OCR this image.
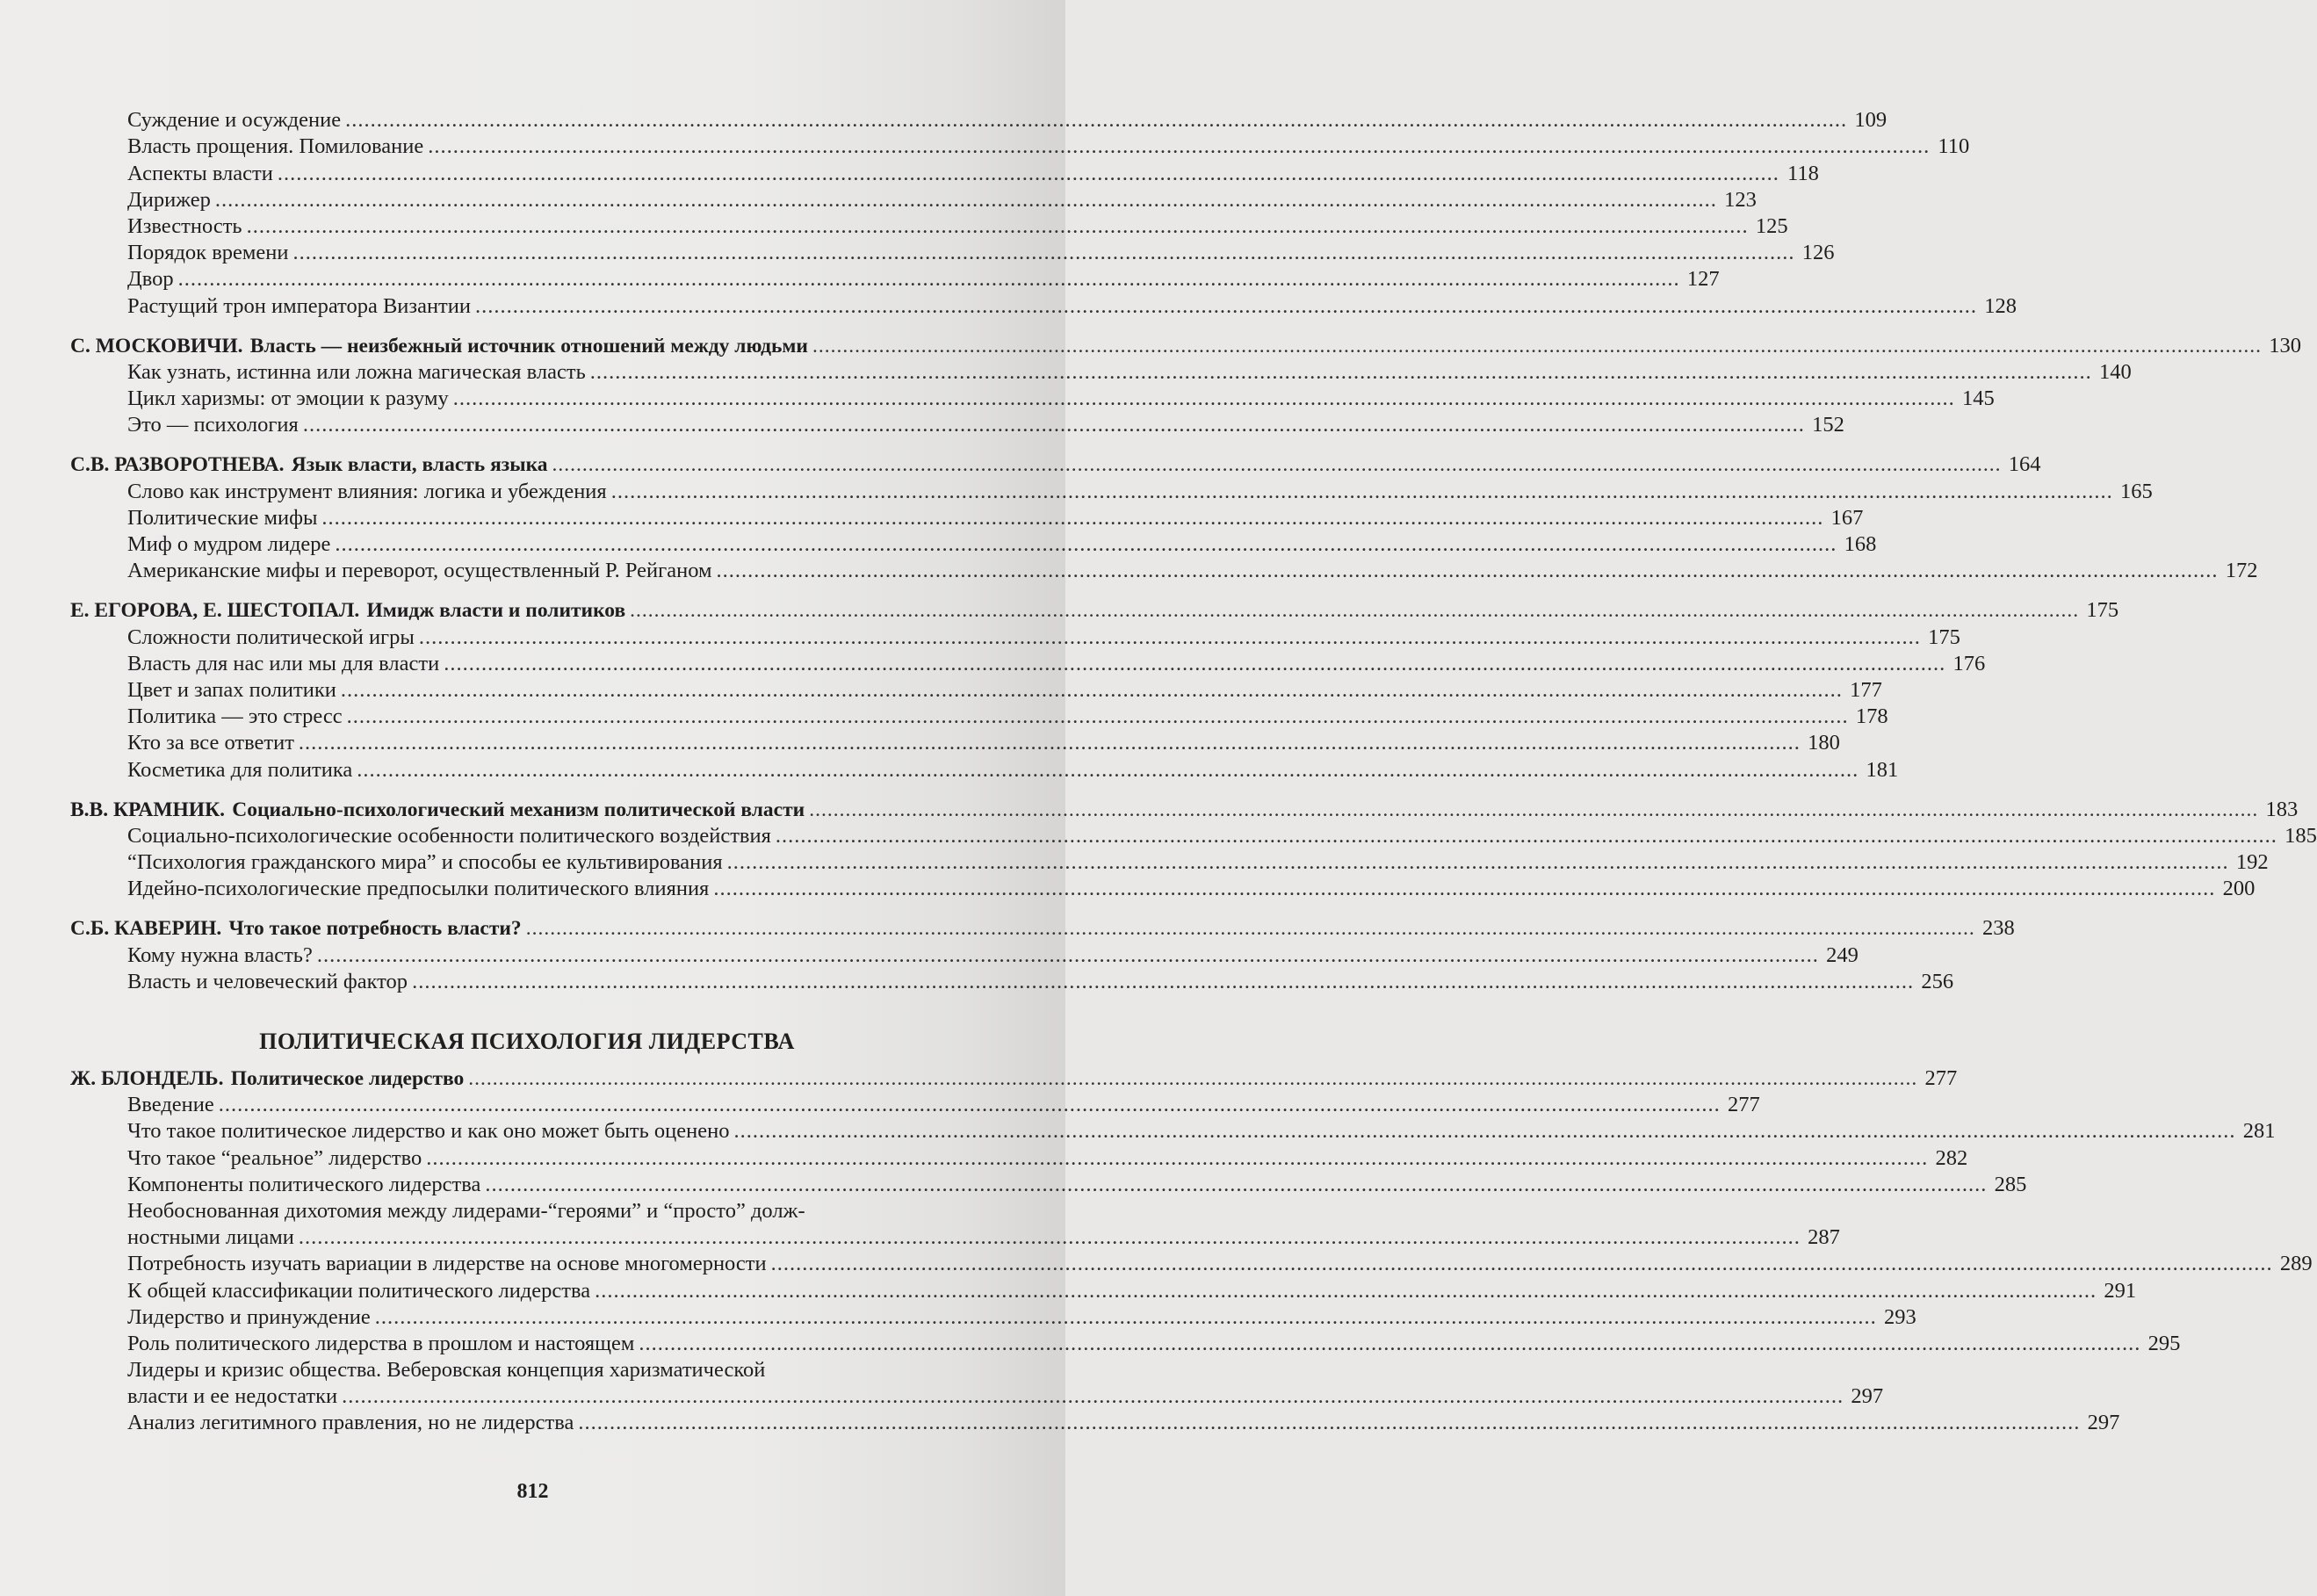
Суждение и осуждение .....	109
Власть прощения. Помилование .....	110
Аспекты власти .....	118
Дирижер .....	123
Известность .....	125
Порядок времени .....	126
Двор .....	127
Растущий трон императора Византии .....	128
С. МОСКОВИЧИ. Власть — неизбежный источник отношений между людьми .....	130
Как узнать, истинна или ложна магическая власть .....	140
Цикл харизмы: от эмоции к разуму .....	145
Это — психология .....	152
С.В. РАЗВОРОТНЕВА. Язык власти, власть языка .....	164
Слово как инструмент влияния: логика и убеждения .....	165
Политические мифы .....	167
Миф о мудром лидере .....	168
Американские мифы и переворот, осуществленный Р. Рейганом .....	172
Е. ЕГОРОВА, Е. ШЕСТОПАЛ. Имидж власти и политиков .....	175
Сложности политической игры .....	175
Власть для нас или мы для власти .....	176
Цвет и запах политики .....	177
Политика — это стресс .....	178
Кто за все ответит .....	180
Косметика для политика .....	181
В.В. КРАМНИК. Социально-психологический механизм политической власти .....	183
Социально-психологические особенности политического воздействия .....	185
“Психология гражданского мира” и способы ее культивирования .....	192
Идейно-психологические предпосылки политического влияния .....	200
С.Б. КАВЕРИН. Что такое потребность власти? .....	238
Кому нужна власть? .....	249
Власть и человеческий фактор .....	256
ПОЛИТИЧЕСКАЯ ПСИХОЛОГИЯ ЛИДЕРСТВА
Ж. БЛОНДЕЛЬ. Политическое лидерство .....	277
Введение .....	277
Что такое политическое лидерство и как оно может быть оценено .....	281
Что такое “реальное” лидерство .....	282
Компоненты политического лидерства .....	285
Необоснованная дихотомия между лидерами-“героями” и “просто” долж-
ностными лицами .....	287
Потребность изучать вариации в лидерстве на основе многомерности .....	289
К общей классификации политического лидерства .....	291
Лидерство и принуждение .....	293
Роль политического лидерства в прошлом и настоящем .....	295
Лидеры и кризис общества. Веберовская концепция харизматической
власти и ее недостатки .....	297
Анализ легитимного правления, но не лидерства .....	297
812
